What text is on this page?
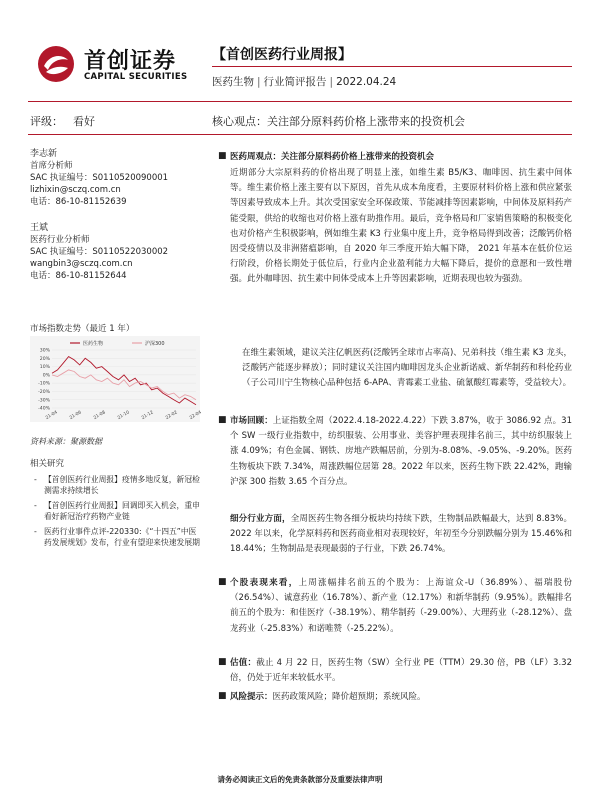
首创证券
CAPITAL SECURITIES
【首创医药行业周报】
医药生物 | 行业简评报告 | 2022.04.24
评级： 看好	核心观点：关注部分原料药价格上涨带来的投资机会
李志新
首席分析师
SAC 执证编号：S0110520090001
lizhixin@sczq.com.cn
电话：86-10-81152639
王斌
医药行业分析师
SAC 执证编号：S0110522030002
wangbin3@sczq.com.cn
电话：86-10-81152644
市场指数走势（最近 1 年）
30%
20%
10%
0%
-10%
-20%
-30%
-40%
21-04 21-06 21-08 21-10 21-12 22-02 22-04
医药生物	沪深300
资料来源：聚源数据
相关研究
- 【首创医药行业周报】疫情多地反复，新冠检测需求持续增长
- 【首创医药行业周报】回调即买入机会，重申看好新冠治疗药物产业链
- 医药行业事件点评-220330:《“十四五”中医药发展规划》发布，行业有望迎来快速发展期
■ 医药周观点：关注部分原料药价格上涨带来的投资机会
近期部分大宗原料药的价格出现了明显上涨，如维生素 B5/K3、咖啡因、抗生素中间体等。维生素价格上涨主要有以下原因，首先从成本角度看，主要原材料价格上涨和供应紧张等因素导致成本上升。其次受国家安全环保政策、节能减排等因素影响，中间体及原料药产能受限，供给的收缩也对价格上涨有助推作用。最后，竞争格局和厂家销售策略的积极变化也对价格产生积极影响，例如维生素 K3 行业集中度上升，竞争格局得到改善；泛酸钙价格因受疫情以及非洲猪瘟影响，自 2020 年三季度开始大幅下降， 2021 年基本在低价位运行阶段，价格长期处于低位后，行业内企业盈利能力大幅下降后，提价的意愿和一致性增强。此外咖啡因、抗生素中间体受成本上升等因素影响，近期表现也较为强劲。
在维生素领域，建议关注亿帆医药(泛酸钙全球市占率高)、兄弟科技（维生素 K3 龙头，泛酸钙产能逐步释放）；同时建议关注国内咖啡因龙头企业新诺威、新华制药和科伦药业（子公司川宁生物核心品种包括 6-APA、青霉素工业盐、硫氰酸红霉素等，受益较大）。
■ 市场回顾：上证指数全周（2022.4.18-2022.4.22）下跌 3.87%，收于 3086.92 点。31 个 SW 一级行业指数中，纺织服装、公用事业、美容护理表现排名前三，其中纺织服装上涨 4.09%；有色金属、钢铁、房地产跌幅居前，分别为-8.08%、-9.05%、-9.20%。医药生物板块下跌 7.34%，周涨跌幅位居第 28。2022 年以来，医药生物下跌 22.42%，跑输沪深 300 指数 3.65 个百分点。
细分行业方面，全周医药生物各细分板块均持续下跌，生物制品跌幅最大，达到 8.83%。2022 年以来，化学原料药和医药商业相对表现较好，年初至今分别跌幅分别为 15.46%和 18.44%；生物制品是表现最弱的子行业，下跌 26.74%。
■ 个股表现来看，上周涨幅排名前五的个股为：上海谊众-U（36.89%）、福瑞股份（26.54%）、诚意药业（16.78%）、新产业（12.17%）和新华制药（9.95%）。跌幅排名前五的个股为：和佳医疗（-38.19%）、精华制药（-29.00%）、大理药业（-28.12%）、盘龙药业（-25.83%）和诺唯赞（-25.22%）。
■ 估值：截止 4 月 22 日，医药生物（SW）全行业 PE（TTM）29.30 倍，PB（LF）3.32 倍，仍处于近年来较低水平。
■ 风险提示：医药政策风险；降价超预期；系统风险。
请务必阅读正文后的免责条款部分及重要法律声明
